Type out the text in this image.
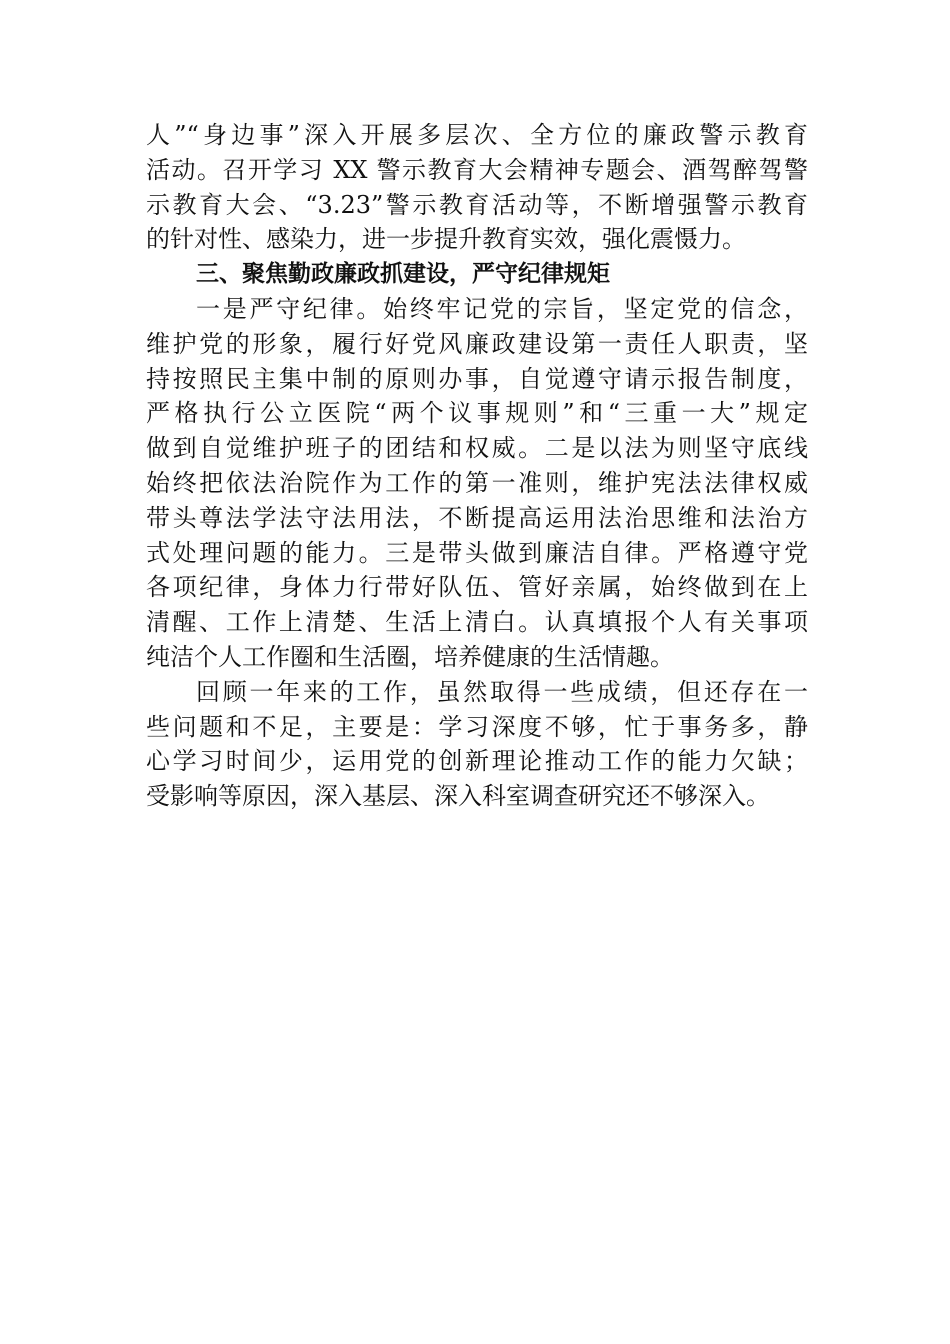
人”“身边事”深入开展多层次、全方位的廉政警示教育
活动。召开学习 XX 警示教育大会精神专题会、酒驾醉驾警
示教育大会、“3.23”警示教育活动等，不断增强警示教育
的针对性、感染力，进一步提升教育实效，强化震慑力。
三、聚焦勤政廉政抓建设，严守纪律规矩
一是严守纪律。始终牢记党的宗旨，坚定党的信念，
维护党的形象，履行好党风廉政建设第一责任人职责，坚
持按照民主集中制的原则办事，自觉遵守请示报告制度，
严格执行公立医院“两个议事规则”和“三重一大”规定
做到自觉维护班子的团结和权威。二是以法为则坚守底线
始终把依法治院作为工作的第一准则，维护宪法法律权威
带头尊法学法守法用法，不断提高运用法治思维和法治方
式处理问题的能力。三是带头做到廉洁自律。严格遵守党
各项纪律，身体力行带好队伍、管好亲属，始终做到在上
清醒、工作上清楚、生活上清白。认真填报个人有关事项
纯洁个人工作圈和生活圈，培养健康的生活情趣。
回顾一年来的工作，虽然取得一些成绩，但还存在一
些问题和不足，主要是：学习深度不够，忙于事务多，静
心学习时间少，运用党的创新理论推动工作的能力欠缺；
受影响等原因，深入基层、深入科室调查研究还不够深入。
